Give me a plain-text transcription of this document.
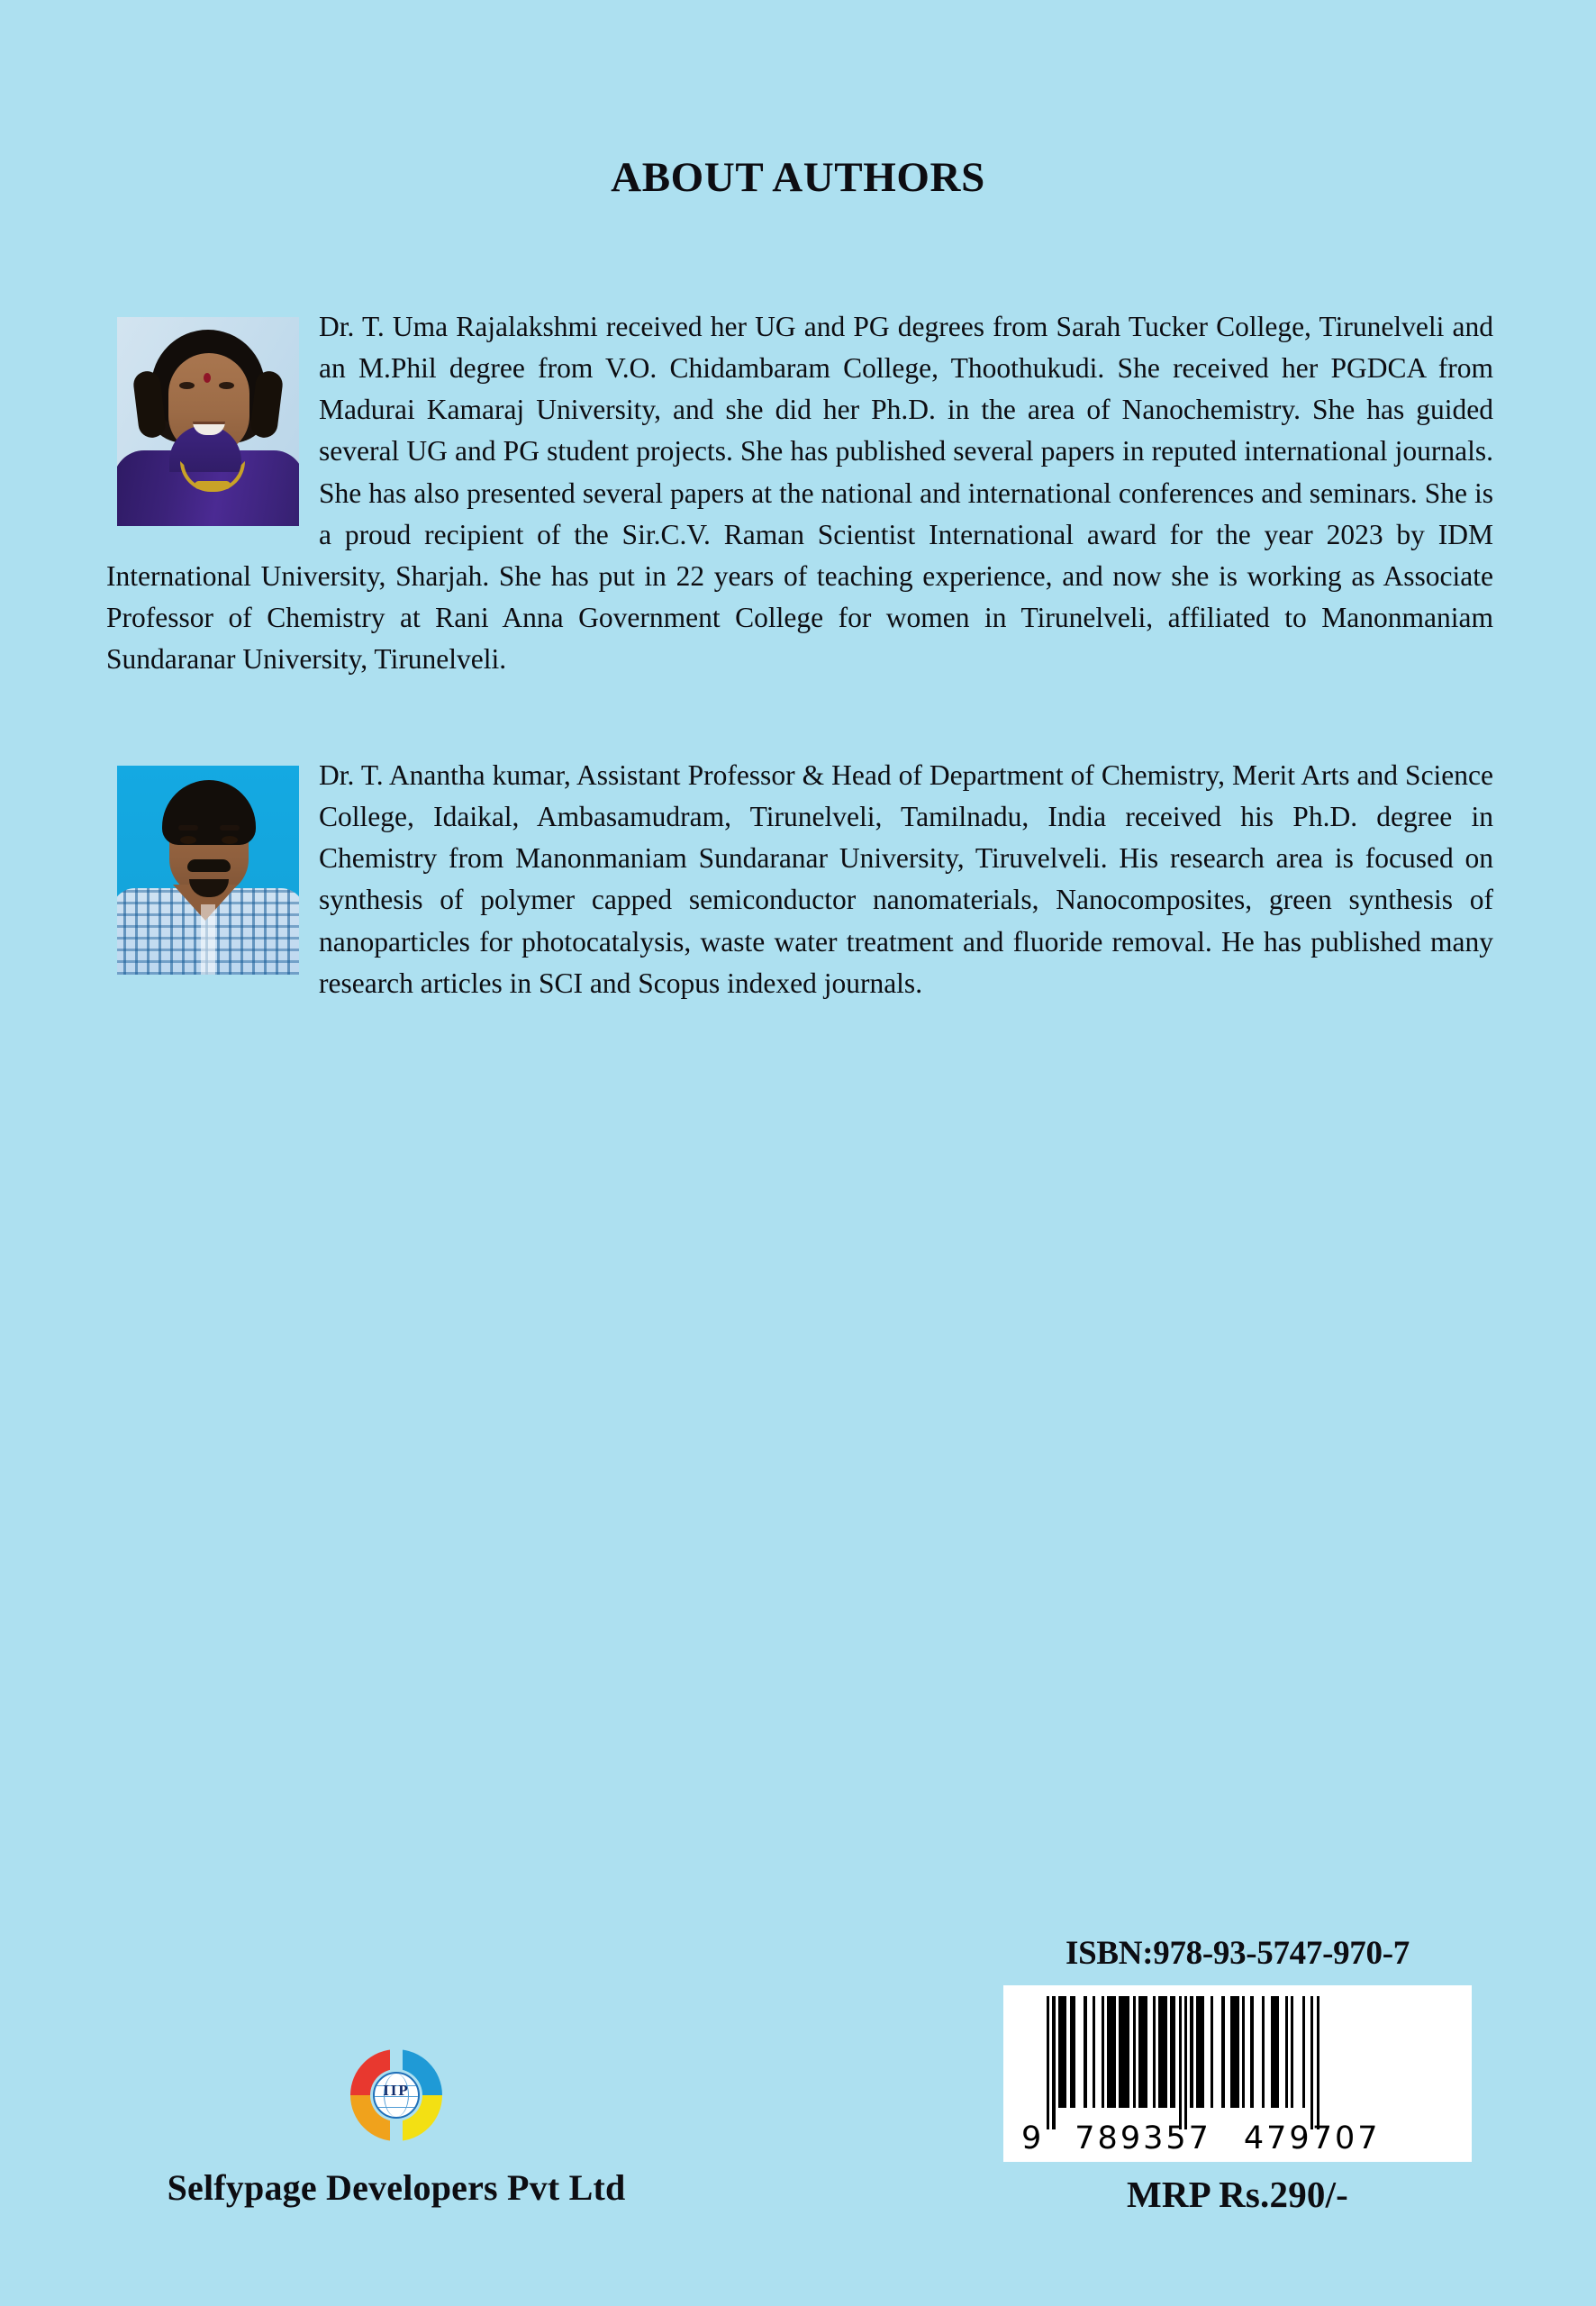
ABOUT AUTHORS

Dr. T. Uma Rajalakshmi received her UG and PG degrees from Sarah Tucker College, Tirunelveli and an M.Phil degree from V.O. Chidambaram College, Thoothukudi. She received her PGDCA from Madurai Kamaraj University, and she did her Ph.D. in the area of Nanochemistry. She has guided several UG and PG student projects. She has published several papers in reputed international journals. She has also presented several papers at the national and international conferences and seminars. She is a proud recipient of the Sir.C.V. Raman Scientist International award for the year 2023 by IDM International University, Sharjah. She has put in 22 years of teaching experience, and now she is working as Associate Professor of Chemistry at Rani Anna Government College for women in Tirunelveli, affiliated to Manonmaniam Sundaranar University, Tirunelveli.

Dr. T. Anantha kumar, Assistant Professor & Head of Department of Chemistry, Merit Arts and Science College, Idaikal, Ambasamudram, Tirunelveli, Tamilnadu, India received his Ph.D. degree in Chemistry from Manonmaniam Sundaranar University, Tiruvelveli. His research area is focused on synthesis of polymer capped semiconductor nanomaterials, Nanocomposites, green synthesis of nanoparticles for photocatalysis, waste water treatment and fluoride removal. He has published many research articles in SCI and Scopus indexed journals.

IIP
Selfypage Developers Pvt Ltd
ISBN:978-93-5747-970-7
9 789357 479707
MRP Rs.290/-
